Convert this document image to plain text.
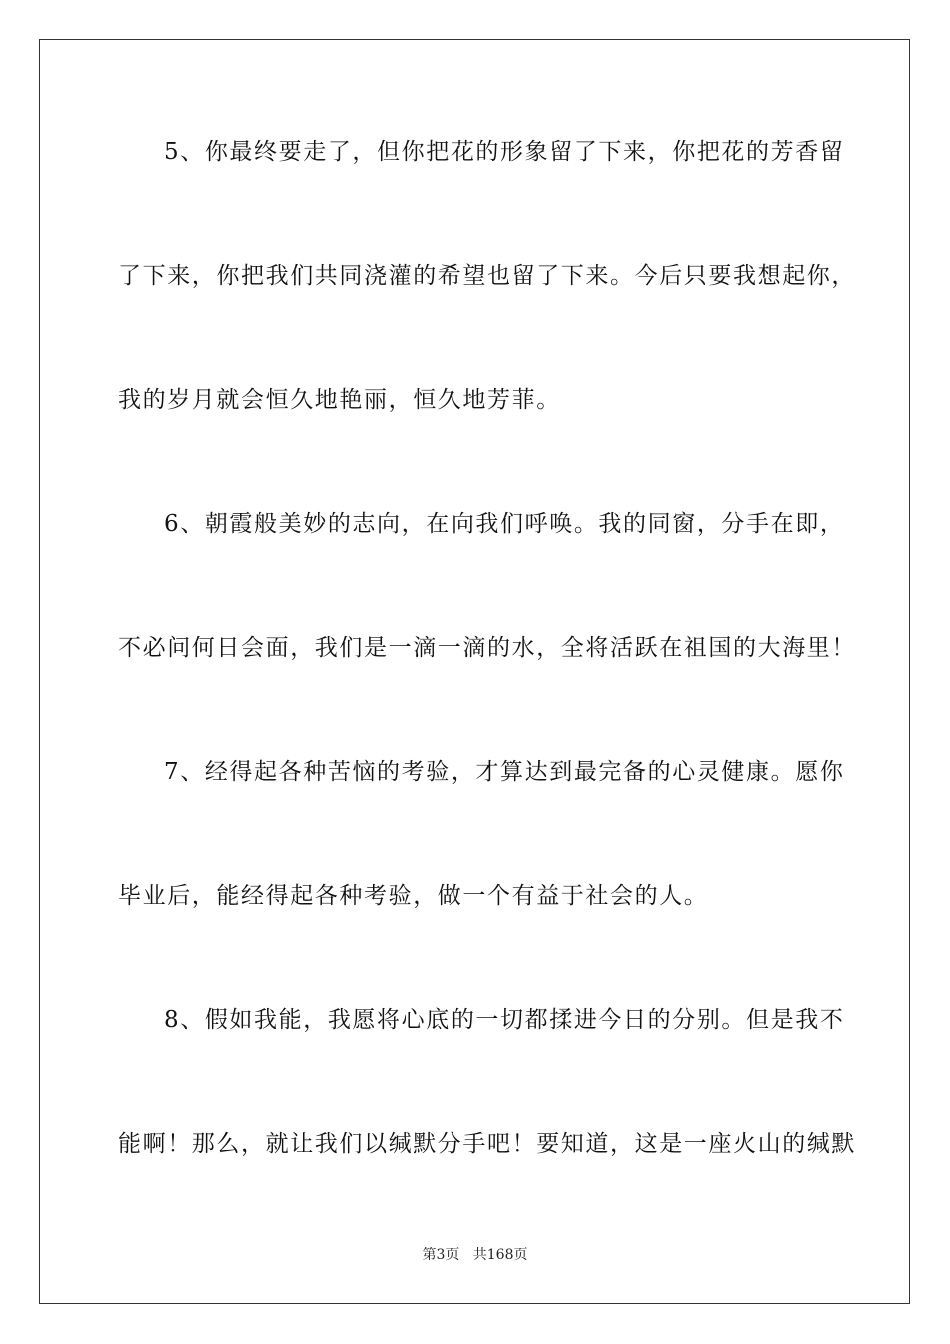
5、你最终要走了，但你把花的形象留了下来，你把花的芳香留
了下来，你把我们共同浇灌的希望也留了下来。今后只要我想起你，
我的岁月就会恒久地艳丽，恒久地芳菲。
6、朝霞般美妙的志向，在向我们呼唤。我的同窗，分手在即，
不必问何日会面，我们是一滴一滴的水，全将活跃在祖国的大海里！
7、经得起各种苦恼的考验，才算达到最完备的心灵健康。愿你
毕业后，能经得起各种考验，做一个有益于社会的人。
8、假如我能，我愿将心底的一切都揉进今日的分别。但是我不
能啊！那么，就让我们以缄默分手吧！要知道，这是一座火山的缄默
第3页 共168页
